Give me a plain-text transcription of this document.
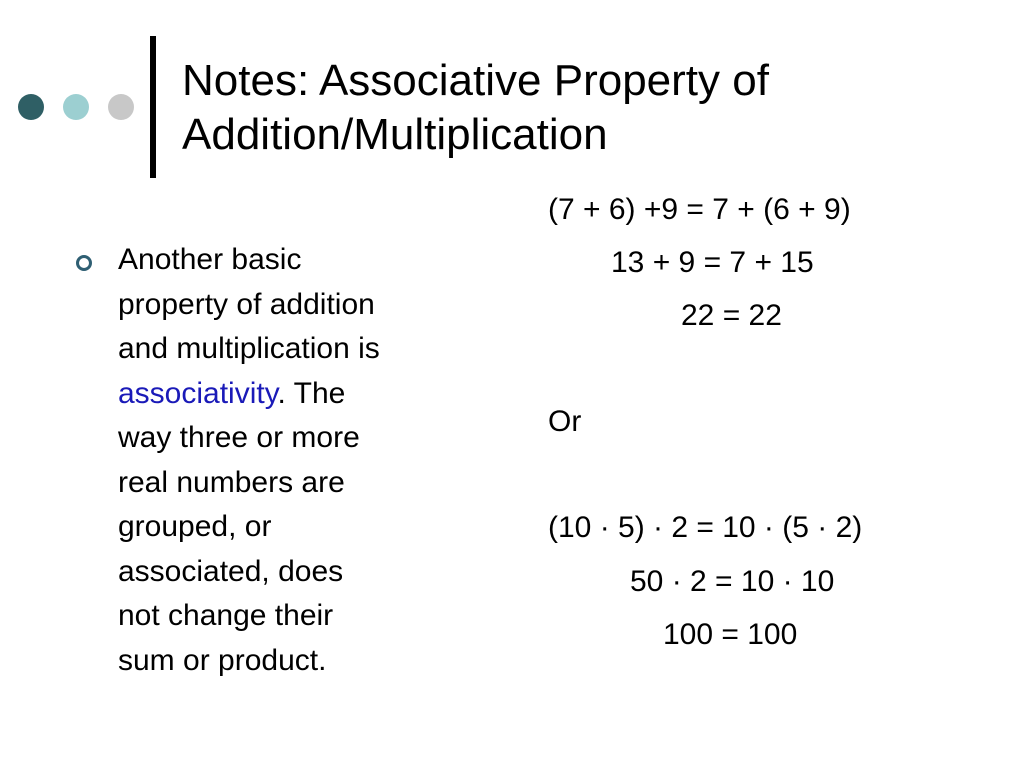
Notes: Associative Property of
Addition/Multiplication
Another basic
property of addition
and multiplication is
associativity. The
way three or more
real numbers are
grouped, or
associated, does
not change their
sum or product.
(7 + 6) +9 = 7 + (6 + 9)
13 + 9 = 7 + 15
22 = 22
Or
(10 · 5) · 2 = 10 · (5 · 2)
50 · 2 = 10 · 10
100 = 100
